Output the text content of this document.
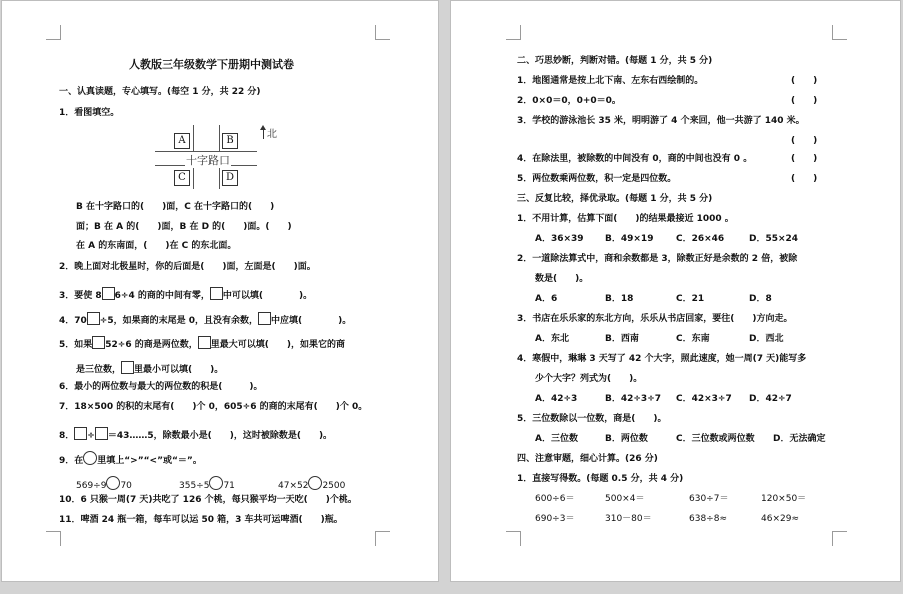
人教版三年级数学下册期中测试卷
一、认真读题，专心填写。(每空 1 分，共 22 分)
1．看图填空。
A	B
C	D
十字路口
北
B 在十字路口的(　　)面，C 在十字路口的(　　)
面；B 在 A 的(　　)面，B 在 D 的(　　)面。(　　)
在 A 的东南面，(　　)在 C 的东北面。
2．晚上面对北极星时，你的后面是(　　)面，左面是(　　)面。
3．要使 8 6÷4 的商的中间有零， 中可以填(　　　　)。
4．70 ÷5，如果商的末尾是 0，且没有余数， 中应填(　　　　)。
5．如果 52÷6 的商是两位数， 里最大可以填(　　)，如果它的商
是三位数， 里最小可以填(　　)。
6．最小的两位数与最大的两位数的积是(　　　)。
7．18×500 的积的末尾有(　　)个 0，605÷6 的商的末尾有(　　)个 0。
8． ÷ ＝43……5，除数最小是(　　)，这时被除数是(　　)。
9．在 里填上“>”“<”或“＝”。
569÷9 70	355÷5 71	47×52 2500
10．6 只猴一周(7 天)共吃了 126 个桃，每只猴平均一天吃(　　)个桃。
11．啤酒 24 瓶一箱，每车可以运 50 箱，3 车共可运啤酒(　　)瓶。
二、巧思妙断，判断对错。(每题 1 分，共 5 分)
1．地图通常是按上北下南、左东右西绘制的。	(　　)
2．0×0＝0，0+0＝0。	(　　)
3．学校的游泳池长 35 米，明明游了 4 个来回，他一共游了 140 米。
(　　)
4．在除法里，被除数的中间没有 0，商的中间也没有 0 。	(　　)
5．两位数乘两位数，积一定是四位数。	(　　)
三、反复比较，择优录取。(每题 1 分，共 5 分)
1．不用计算，估算下面(　　)的结果最接近 1000 。
A．36×39 B．49×19	C．26×46	D．55×24
2．一道除法算式中，商和余数都是 3，除数正好是余数的 2 倍，被除
数是(　　)。
A．6	B．18	C．21	D．8
3．书店在乐乐家的东北方向，乐乐从书店回家，要往(　　)方向走。
A．东北	B．西南	C．东南	D．西北
4．寒假中，琳琳 3 天写了 42 个大字，照此速度，她一周(7 天)能写多
少个大字？列式为(　　)。
A．42÷3	B．42÷3÷7 C．42×3÷7 D．42÷7
5．三位数除以一位数，商是(　　)。
A．三位数	B．两位数	C．三位数或两位数 D．无法确定
四、注意审题，细心计算。(26 分)
1．直接写得数。(每题 0.5 分，共 4 分)
600÷6＝	500×4＝	630÷7＝	120×50＝
690÷3＝	310－80＝	638÷8≈	46×29≈
